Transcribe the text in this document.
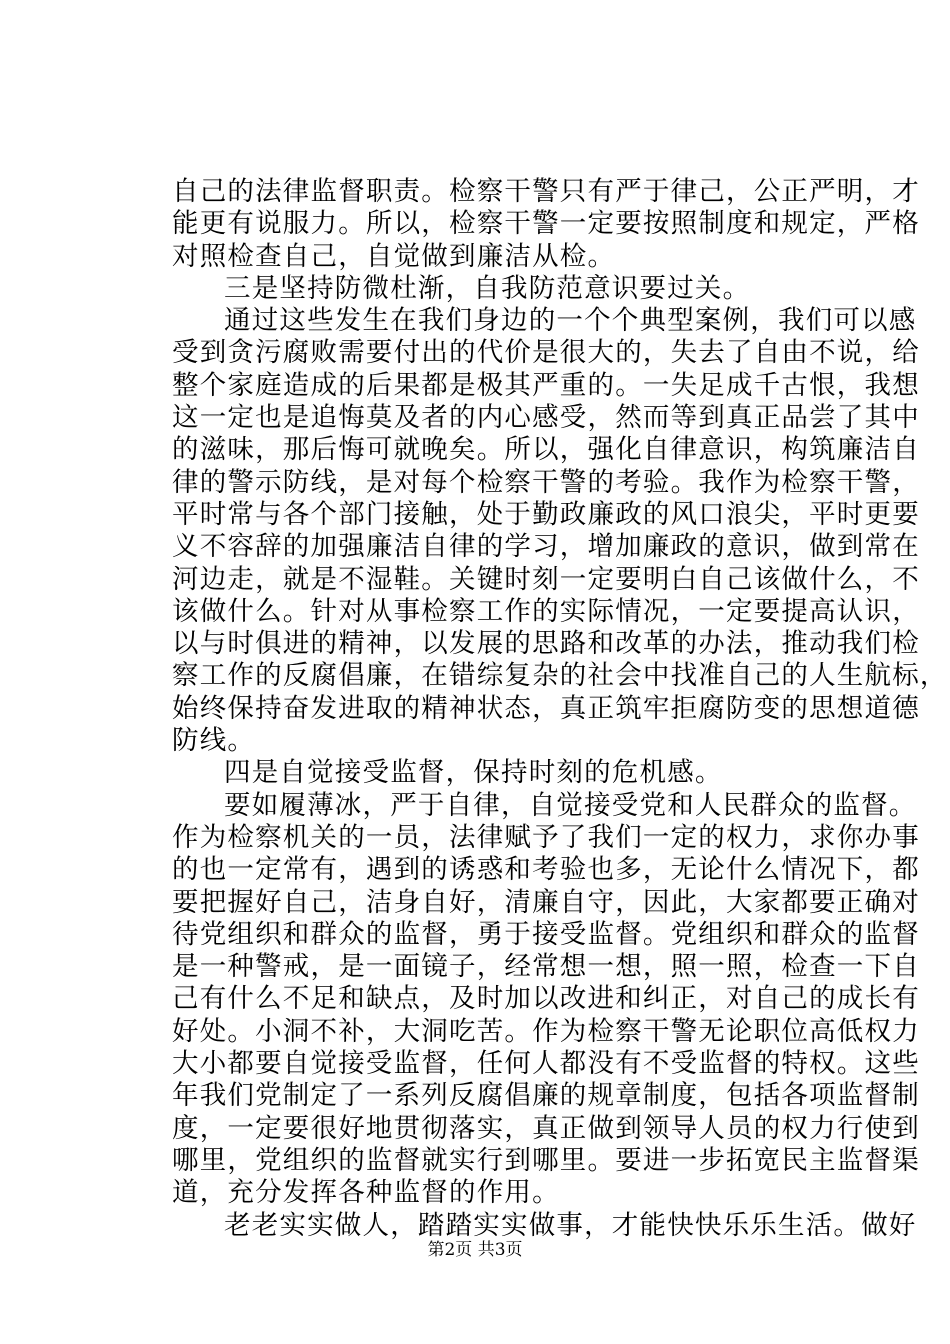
自己的法律监督职责。检察干警只有严于律己，公正严明，才
能更有说服力。所以，检察干警一定要按照制度和规定，严格
对照检查自己，自觉做到廉洁从检。
三是坚持防微杜渐，自我防范意识要过关。
通过这些发生在我们身边的一个个典型案例，我们可以感
受到贪污腐败需要付出的代价是很大的，失去了自由不说，给
整个家庭造成的后果都是极其严重的。一失足成千古恨，我想
这一定也是追悔莫及者的内心感受，然而等到真正品尝了其中
的滋味，那后悔可就晚矣。所以，强化自律意识，构筑廉洁自
律的警示防线，是对每个检察干警的考验。我作为检察干警，
平时常与各个部门接触，处于勤政廉政的风口浪尖，平时更要
义不容辞的加强廉洁自律的学习，增加廉政的意识，做到常在
河边走，就是不湿鞋。关键时刻一定要明白自己该做什么，不
该做什么。针对从事检察工作的实际情况，一定要提高认识，
以与时俱进的精神，以发展的思路和改革的办法，推动我们检
察工作的反腐倡廉，在错综复杂的社会中找准自己的人生航标，
始终保持奋发进取的精神状态，真正筑牢拒腐防变的思想道德
防线。
四是自觉接受监督，保持时刻的危机感。
要如履薄冰，严于自律，自觉接受党和人民群众的监督。
作为检察机关的一员，法律赋予了我们一定的权力，求你办事
的也一定常有，遇到的诱惑和考验也多，无论什么情况下，都
要把握好自己，洁身自好，清廉自守，因此，大家都要正确对
待党组织和群众的监督，勇于接受监督。党组织和群众的监督
是一种警戒，是一面镜子，经常想一想，照一照，检查一下自
己有什么不足和缺点，及时加以改进和纠正，对自己的成长有
好处。小洞不补，大洞吃苦。作为检察干警无论职位高低权力
大小都要自觉接受监督，任何人都没有不受监督的特权。这些
年我们党制定了一系列反腐倡廉的规章制度，包括各项监督制
度，一定要很好地贯彻落实，真正做到领导人员的权力行使到
哪里，党组织的监督就实行到哪里。要进一步拓宽民主监督渠
道，充分发挥各种监督的作用。
老老实实做人，踏踏实实做事，才能快快乐乐生活。做好
第2页 共3页
